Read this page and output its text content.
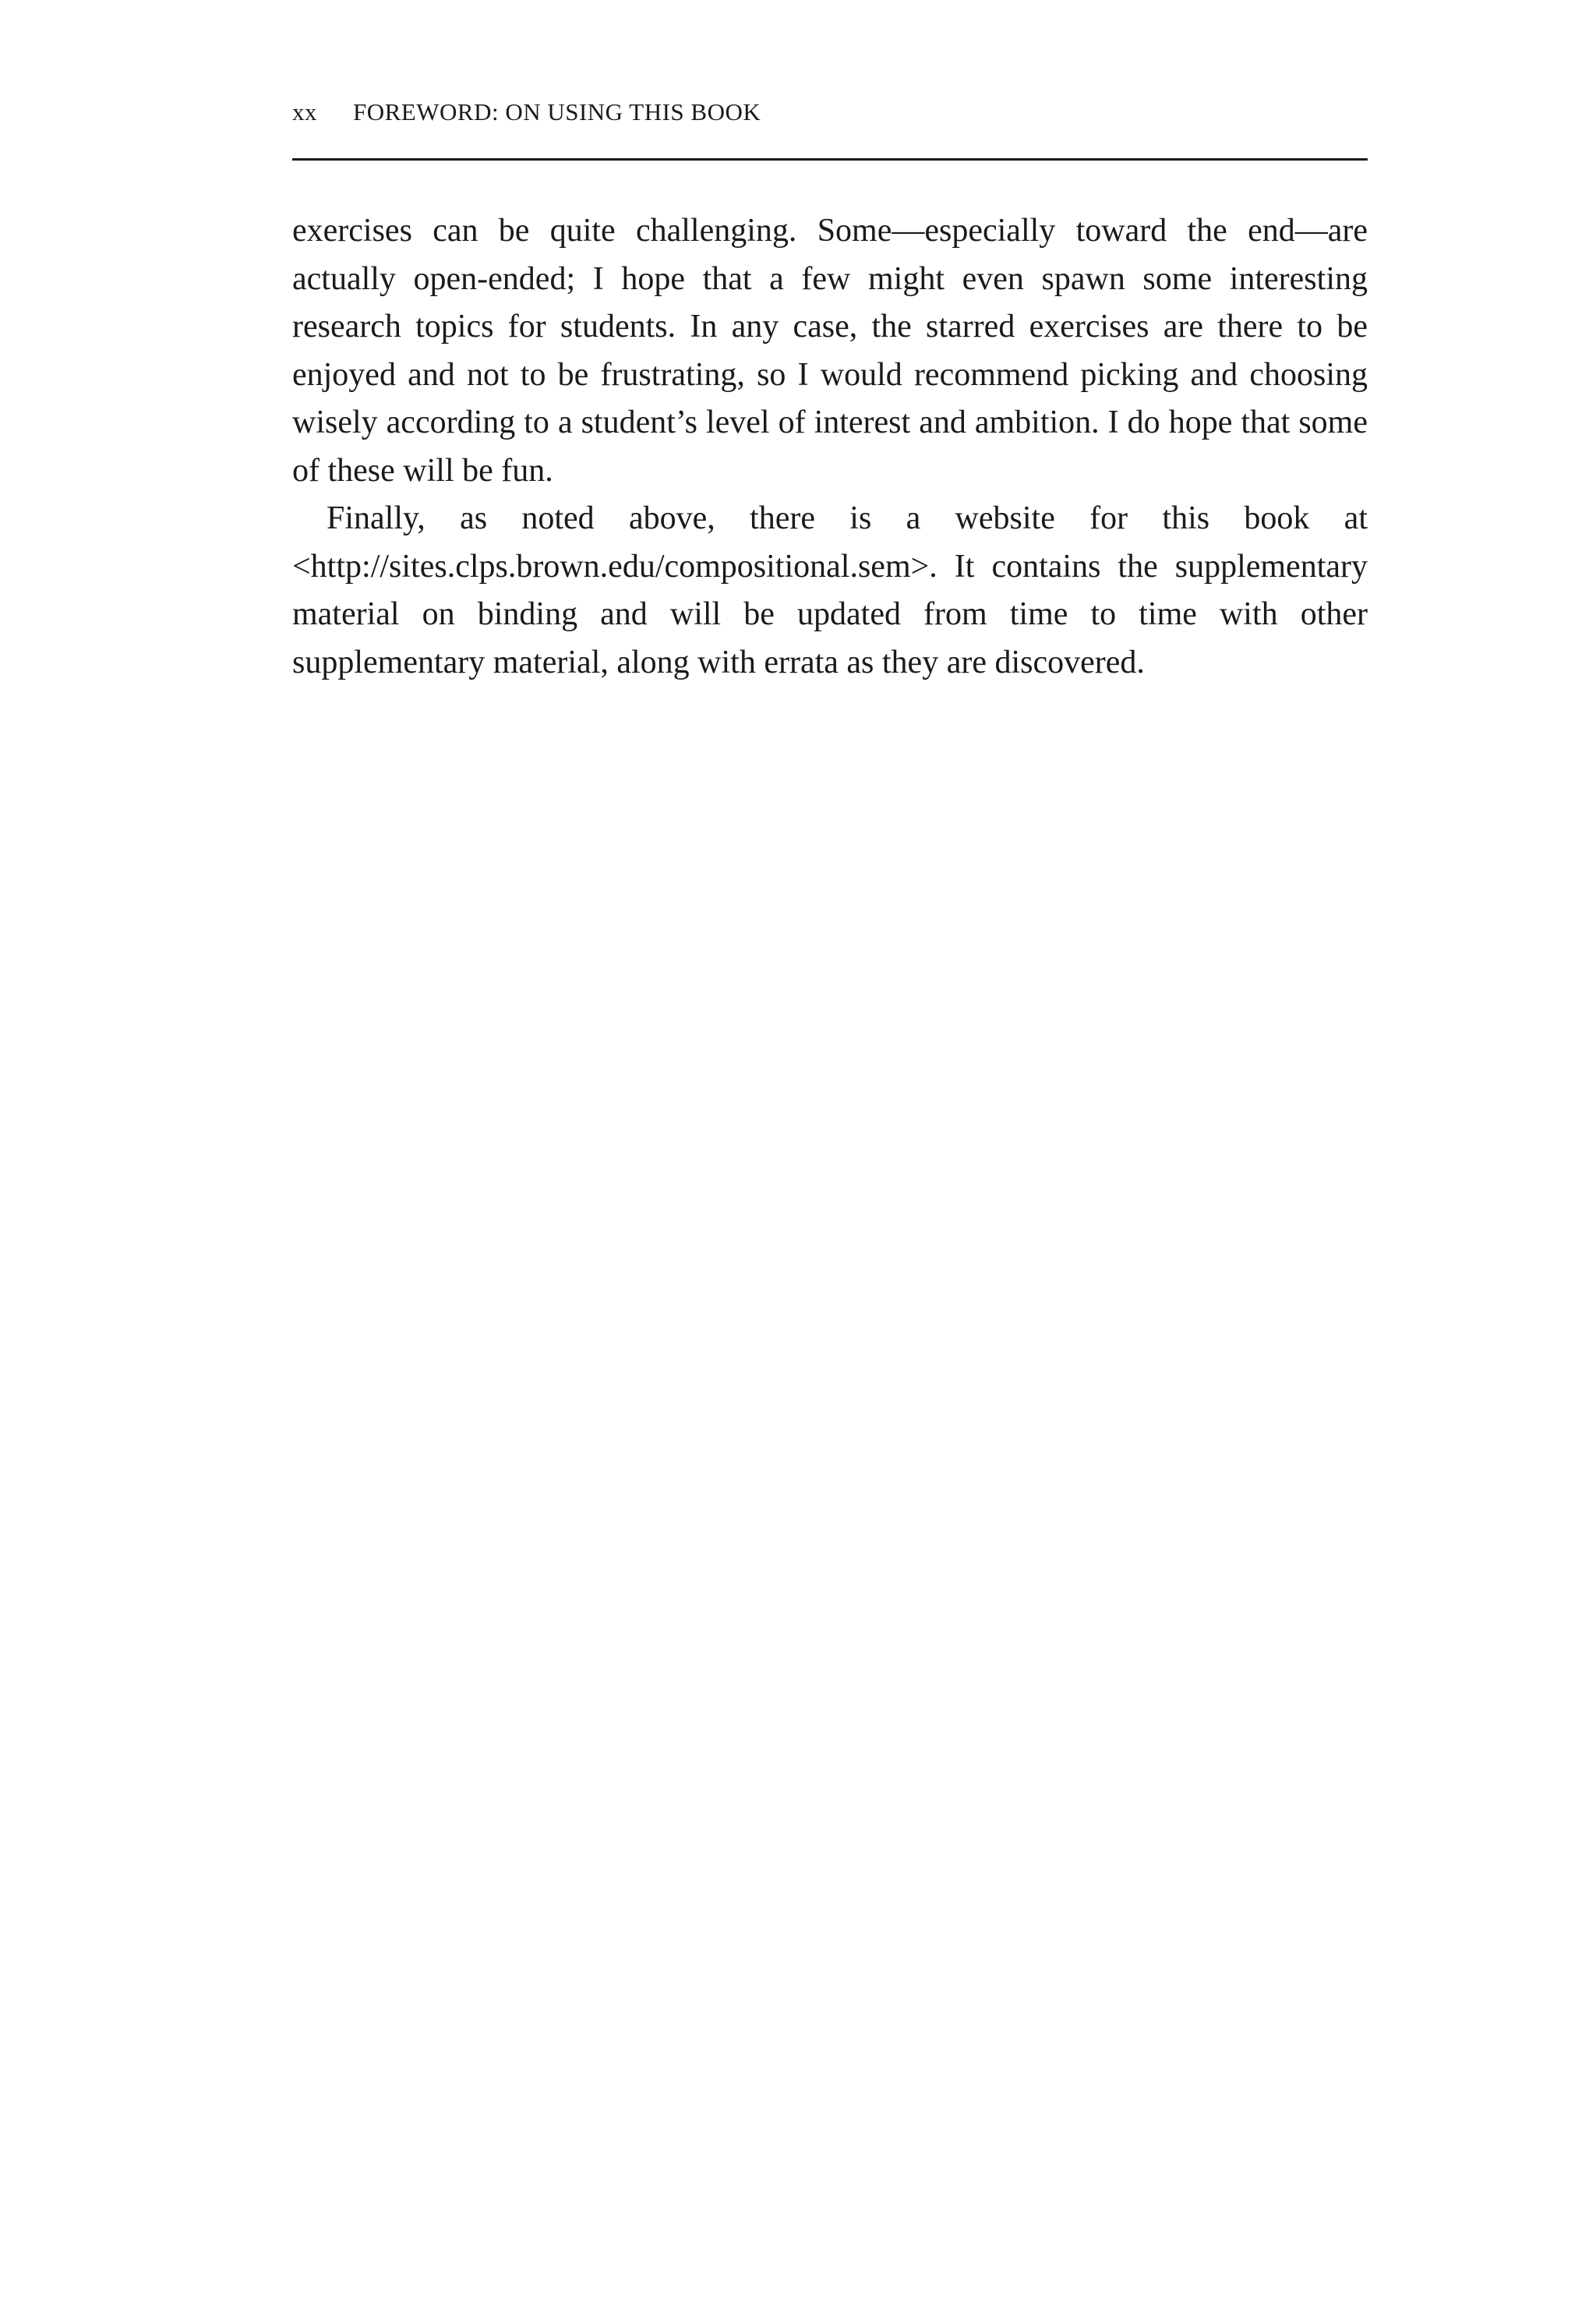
xx FOREWORD: ON USING THIS BOOK

exercises can be quite challenging. Some—especially toward the end—are actually open-ended; I hope that a few might even spawn some interesting research topics for students. In any case, the starred exercises are there to be enjoyed and not to be frustrating, so I would recommend picking and choosing wisely according to a student’s level of interest and ambition. I do hope that some of these will be fun.

Finally, as noted above, there is a website for this book at <http://sites.clps.brown.edu/compositional.sem>. It contains the supplementary material on binding and will be updated from time to time with other supplementary material, along with errata as they are discovered.
